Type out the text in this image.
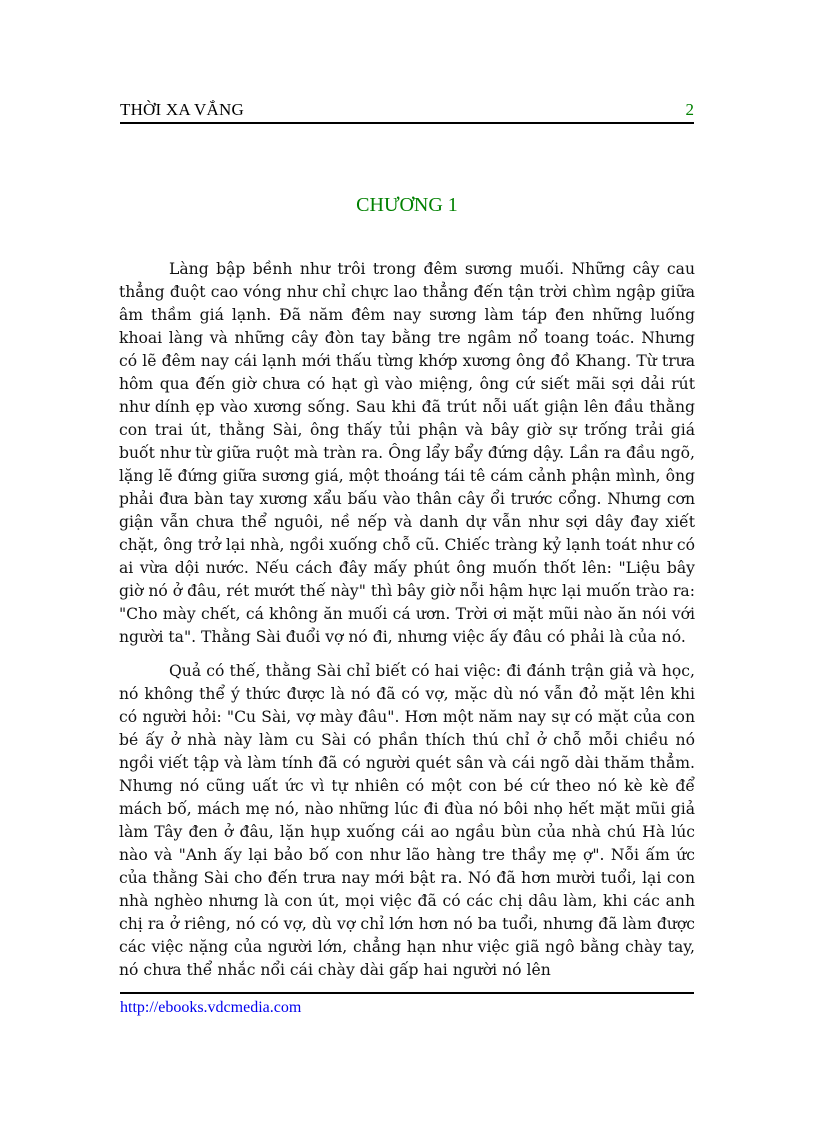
THỜI XA VẮNG	2
CHƯƠNG 1

Làng bập bềnh như trôi trong đêm sương muối. Những cây cau thẳng đuột cao vóng như chỉ chực lao thẳng đến tận trời chìm ngập giữa âm thầm giá lạnh. Đã năm đêm nay sương làm táp đen những luống khoai làng và những cây đòn tay bằng tre ngâm nổ toang toác. Nhưng có lẽ đêm nay cái lạnh mới thấu từng khớp xương ông đồ Khang. Từ trưa hôm qua đến giờ chưa có hạt gì vào miệng, ông cứ siết mãi sợi dải rút như dính ẹp vào xương sống. Sau khi đã trút nỗi uất giận lên đầu thằng con trai út, thằng Sài, ông thấy tủi phận và bây giờ sự trống trải giá buốt như từ giữa ruột mà tràn ra. Ông lẩy bẩy đứng dậy. Lần ra đầu ngõ, lặng lẽ đứng giữa sương giá, một thoáng tái tê cám cảnh phận mình, ông phải đưa bàn tay xương xẩu bấu vào thân cây ổi trước cổng. Nhưng cơn giận vẫn chưa thể nguôi, nề nếp và danh dự vẫn như sợi dây đay xiết chặt, ông trở lại nhà, ngồi xuống chỗ cũ. Chiếc tràng kỷ lạnh toát như có ai vừa dội nước. Nếu cách đây mấy phút ông muốn thốt lên: "Liệu bây giờ nó ở đâu, rét mướt thế này" thì bây giờ nỗi hậm hực lại muốn trào ra: "Cho mày chết, cá không ăn muối cá ươn. Trời ơi mặt mũi nào ăn nói với người ta". Thằng Sài đuổi vợ nó đi, nhưng việc ấy đâu có phải là của nó.

Quả có thế, thằng Sài chỉ biết có hai việc: đi đánh trận giả và học, nó không thể ý thức được là nó đã có vợ, mặc dù nó vẫn đỏ mặt lên khi có người hỏi: "Cu Sài, vợ mày đâu". Hơn một năm nay sự có mặt của con bé ấy ở nhà này làm cu Sài có phần thích thú chỉ ở chỗ mỗi chiều nó ngồi viết tập và làm tính đã có người quét sân và cái ngõ dài thăm thẳm. Nhưng nó cũng uất ức vì tự nhiên có một con bé cứ theo nó kè kè để mách bố, mách mẹ nó, nào những lúc đi đùa nó bôi nhọ hết mặt mũi giả làm Tây đen ở đâu, lặn hụp xuống cái ao ngầu bùn của nhà chú Hà lúc nào và "Anh ấy lại bảo bố con như lão hàng tre thầy mẹ ợ". Nỗi ấm ức của thằng Sài cho đến trưa nay mới bật ra. Nó đã hơn mười tuổi, lại con nhà nghèo nhưng là con út, mọi việc đã có các chị dâu làm, khi các anh chị ra ở riêng, nó có vợ, dù vợ chỉ lớn hơn nó ba tuổi, nhưng đã làm được các việc nặng của người lớn, chẳng hạn như việc giã ngô bằng chày tay, nó chưa thể nhắc nổi cái chày dài gấp hai người nó lên

http://ebooks.vdcmedia.com
